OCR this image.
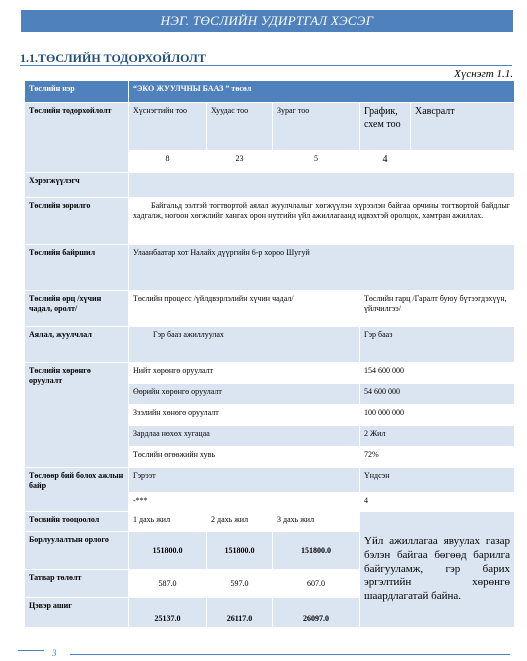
НЭГ. ТӨСЛИЙН УДИРТГАЛ ХЭСЭГ
1.1.ТӨСЛИЙН ТОДОРХОЙЛОЛТ
Хүснэгт 1.1.
Төслийн нэр	“ЭКО ЖУУЛЧНЫ БААЗ ” төсөл				
Төслийн тодорхойлолт	Хүснэгтийн тоо	Хуудас тоо	Зураг тоо	График, схем тоо	Хавсралт
	8	23	5	4	
Хэрэгжүүлэгч					
Төслийн зорилго	Байгальд ээлтэй тогтвортой аялал жуулчлалыг хөгжүүлэн хүрээлэн байгаа орчины тогтвортой байдлыг хадгалж, ногоон хөгжлийг хангах орон нутгийн үйл ажиллагаанд идвэхтэй оролцох, хамтран ажиллах.				
Төслийн байршил	Улаанбаатар хот Налайх дүүргийн 6-р хороо Шугуй				
Төслийн орц /хүчин чадал, оролт/	Төслийн процесс /үйлдвэрлэлийн хүчин чадал/			Төслийн гарц /Гаралт буюу бүтээгдэхүүн, үйлчилгээ/	
Аялал, жуулчлал	Гэр бааз ажиллуулах			Гэр бааз	
Төслийн хөрөнгө оруулалт	Нийт хөрөнгө оруулалт			154 600 000	
	Өөрийн хөрөнгө оруулалт			54 600 000	
	Зээлийн хөнөгө оруулалт			100 000 000	
	Зардлаа нөхөх хугацаа			2 Жил	
	Төслийн өгөөжийн хувь			72%	
Төслөөр бий болох ажлын байр	Гэрээт			Үндсэн	
	-***			4	
Төсвийн тооцоолол	1 дахь жил	2 дахь жил	3 дахь жил	Үйл ажиллагаа явуулах газар бэлэн байгаа бөгөөд барилга байгууламж, гэр барих эргэлтийн хөрөнгө шаардлагатай байна.	

Борлуулалтын орлого	151800.0	151800.0	151800.0		
Татвар төлөлт	587.0	597.0	607.0		
Цэвэр ашиг	25137.0	26117.0	26097.0		
3
